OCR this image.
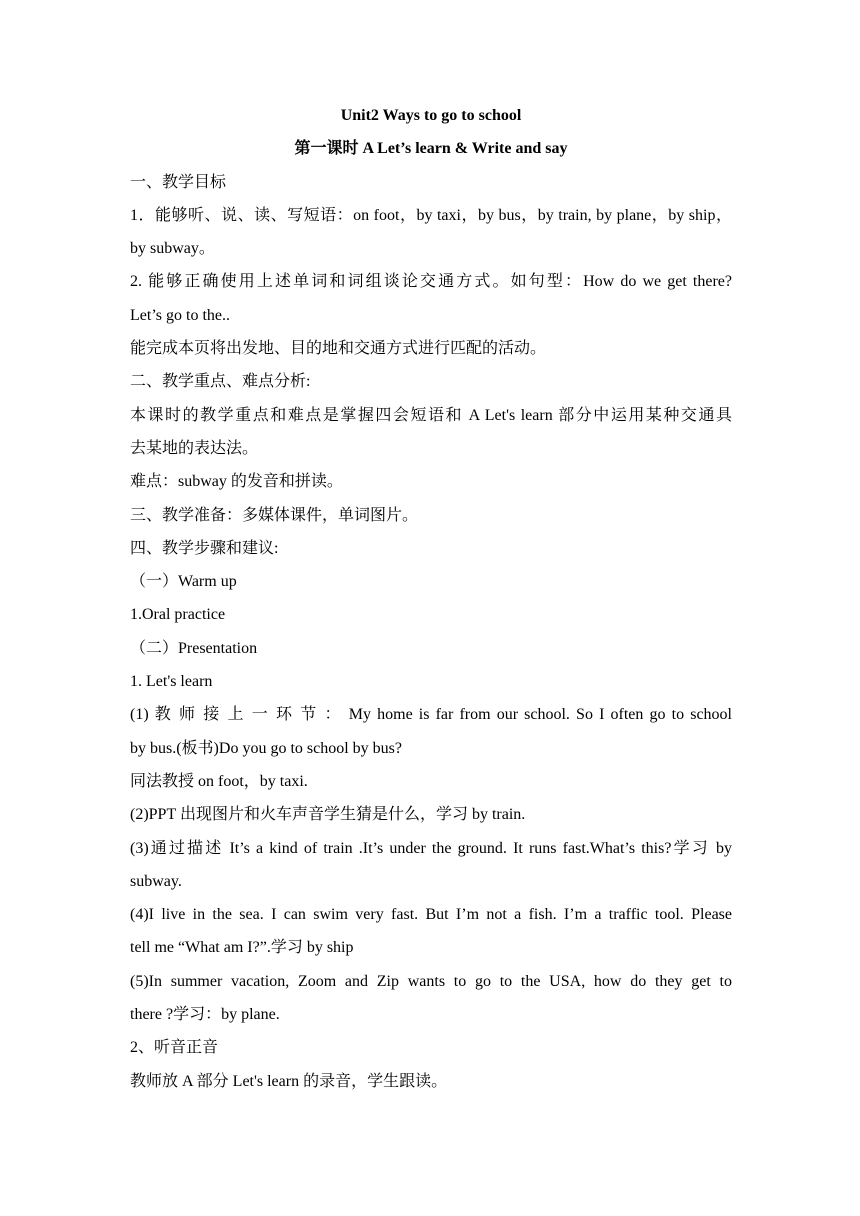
Unit2 Ways to go to school
第一课时 A Let’s learn & Write and say
一、教学目标
1．能够听、说、读、写短语：on foot，by taxi，by bus，by train, by plane，by ship，
by subway。
2. 能够正确使用上述单词和词组谈论交通方式。如句型：How do we get there?
Let’s go to the..
能完成本页将出发地、目的地和交通方式进行匹配的活动。
二、教学重点、难点分析:
本课时的教学重点和难点是掌握四会短语和 A Let's learn 部分中运用某种交通具
去某地的表达法。
难点：subway 的发音和拼读。
三、教学准备：多媒体课件，单词图片。
四、教学步骤和建议:
（一）Warm up
1.Oral practice
（二）Presentation
1. Let's learn
(1) 教 师 接 上 一 环 节 ： My home is far from our school. So I often go to school
by bus.(板书)Do you go to school by bus?
同法教授 on foot，by taxi.
(2)PPT 出现图片和火车声音学生猜是什么，学习 by train.
(3)通过描述 It’s a kind of train .It’s under the ground. It runs fast.What’s this?学习 by
subway.
(4)I live in the sea. I can swim very fast. But I’m not a fish. I’m a traffic tool. Please
tell me “What am I?”.学习 by ship
(5)In summer vacation, Zoom and Zip wants to go to the USA, how do they get to
there ?学习：by plane.
2、听音正音
教师放 A 部分 Let's learn 的录音，学生跟读。
